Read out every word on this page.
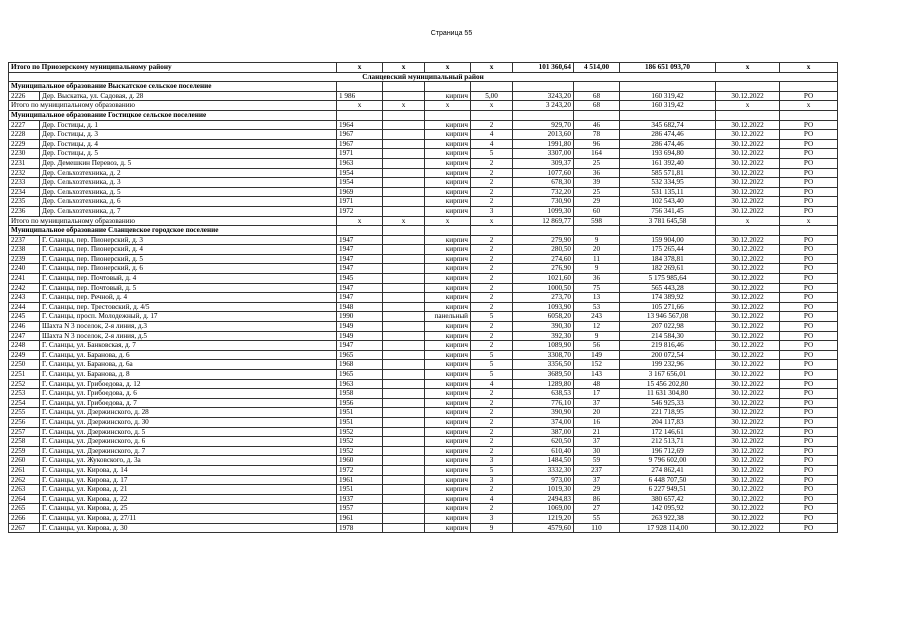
Страница 55
Итого по Приозерскому муниципальному району		x	x	x	x	101 360,64	4 514,00	186 651 093,70	x	x
Сланцевский муниципальный район										
Муниципальное образование Выскатское сельское поселение										
2226	Дер. Выскатка, ул. Садовая, д. 28	1 986		кирпич	5,00	3243,20	68	160 319,42	30.12.2022	РО
Итого по муниципальному образованию		x	x	x	x	3 243,20	68	160 319,42	x	x
Муниципальное образование Гостицкое сельское поселение										
2227	Дер. Гостицы, д. 1	1964		кирпич	2	929,70	46	345 682,74	30.12.2022	РО
2228	Дер. Гостицы, д. 3	1967		кирпич	4	2013,60	78	286 474,46	30.12.2022	РО
2229	Дер. Гостицы, д. 4	1967		кирпич	4	1991,80	96	286 474,46	30.12.2022	РО
2230	Дер. Гостицы, д. 5	1971		кирпич	5	3307,00	164	193 694,80	30.12.2022	РО
2231	Дер. Демешкин Перевоз, д. 5	1963		кирпич	2	309,37	25	161 392,40	30.12.2022	РО
2232	Дер. Сельхозтехника, д. 2	1954		кирпич	2	1077,60	36	585 571,81	30.12.2022	РО
2233	Дер. Сельхозтехника, д. 3	1954		кирпич	2	678,30	39	532 334,95	30.12.2022	РО
2234	Дер. Сельхозтехника, д. 5	1969		кирпич	2	732,20	25	531 135,11	30.12.2022	РО
2235	Дер. Сельхозтехника, д. 6	1971		кирпич	2	730,90	29	102 543,40	30.12.2022	РО
2236	Дер. Сельхозтехника, д. 7	1972		кирпич	3	1099,30	60	756 341,45	30.12.2022	РО
Итого по муниципальному образованию		x	x	x	x	12 869,77	598	3 781 645,58	x	x
Муниципальное образование Сланцевское городское поселение										
2237	Г. Сланцы, пер. Пионерский, д. 3	1947		кирпич	2	279,90	9	159 904,00	30.12.2022	РО
2238	Г. Сланцы, пер. Пионерский, д. 4	1947		кирпич	2	280,50	20	175 265,44	30.12.2022	РО
2239	Г. Сланцы, пер. Пионерский, д. 5	1947		кирпич	2	274,60	11	184 378,81	30.12.2022	РО
2240	Г. Сланцы, пер. Пионерский, д. 6	1947		кирпич	2	276,90	9	182 269,61	30.12.2022	РО
2241	Г. Сланцы, пер. Почтовый, д. 4	1945		кирпич	2	1021,60	36	5 175 985,64	30.12.2022	РО
2242	Г. Сланцы, пер. Почтовый, д. 5	1947		кирпич	2	1000,50	75	565 443,28	30.12.2022	РО
2243	Г. Сланцы, пер. Речной, д. 4	1947		кирпич	2	273,70	13	174 389,92	30.12.2022	РО
2244	Г. Сланцы, пер. Трестовский, д. 4/5	1948		кирпич	2	1093,90	53	105 271,66	30.12.2022	РО
2245	Г. Сланцы, просп. Молодежный, д. 17	1990		панельный	5	6058,20	243	13 946 567,08	30.12.2022	РО
2246	Шахта N 3 поселок, 2-я линия, д.3	1949		кирпич	2	390,30	12	207 022,98	30.12.2022	РО
2247	Шахта N 3 поселок, 2-я линия, д.5	1949		кирпич	2	392,30	9	214 584,30	30.12.2022	РО
2248	Г. Сланцы, ул. Банковская, д. 7	1947		кирпич	2	1089,90	56	219 816,46	30.12.2022	РО
2249	Г. Сланцы, ул. Баранова, д. 6	1965		кирпич	5	3308,70	149	200 072,54	30.12.2022	РО
2250	Г. Сланцы, ул. Баранова, д. 6а	1968		кирпич	5	3356,50	152	199 232,96	30.12.2022	РО
2251	Г. Сланцы, ул. Баранова, д. 8	1965		кирпич	5	3689,50	143	3 167 656,01	30.12.2022	РО
2252	Г. Сланцы, ул. Грибоедова, д. 12	1963		кирпич	4	1289,80	48	15 456 202,80	30.12.2022	РО
2253	Г. Сланцы, ул. Грибоедова, д. 6	1958		кирпич	2	638,53	17	11 631 304,80	30.12.2022	РО
2254	Г. Сланцы, ул. Грибоедова, д. 7	1956		кирпич	2	776,10	37	546 925,33	30.12.2022	РО
2255	Г. Сланцы, ул. Дзержинского, д. 28	1951		кирпич	2	390,90	20	221 718,95	30.12.2022	РО
2256	Г. Сланцы, ул. Дзержинского, д. 30	1951		кирпич	2	374,00	16	204 117,83	30.12.2022	РО
2257	Г. Сланцы, ул. Дзержинского, д. 5	1952		кирпич	2	387,00	21	172 146,61	30.12.2022	РО
2258	Г. Сланцы, ул. Дзержинского, д. 6	1952		кирпич	2	620,50	37	212 513,71	30.12.2022	РО
2259	Г. Сланцы, ул. Дзержинского, д. 7	1952		кирпич	2	610,40	30	196 712,69	30.12.2022	РО
2260	Г. Сланцы, ул. Жуковского, д. 3а	1960		кирпич	3	1484,50	59	9 796 602,00	30.12.2022	РО
2261	Г. Сланцы, ул. Кирова, д. 14	1972		кирпич	5	3332,30	237	274 862,41	30.12.2022	РО
2262	Г. Сланцы, ул. Кирова, д. 17	1961		кирпич	3	973,00	37	6 448 707,50	30.12.2022	РО
2263	Г. Сланцы, ул. Кирова, д. 21	1951		кирпич	2	1019,30	29	6 227 949,51	30.12.2022	РО
2264	Г. Сланцы, ул. Кирова, д. 22	1937		кирпич	4	2494,83	86	380 657,42	30.12.2022	РО
2265	Г. Сланцы, ул. Кирова, д. 25	1957		кирпич	2	1069,00	27	142 095,92	30.12.2022	РО
2266	Г. Сланцы, ул. Кирова, д. 27/11	1961		кирпич	3	1219,20	55	263 922,38	30.12.2022	РО
2267	Г. Сланцы, ул. Кирова, д. 30	1978		кирпич	9	4579,60	110	17 928 114,00	30.12.2022	РО
